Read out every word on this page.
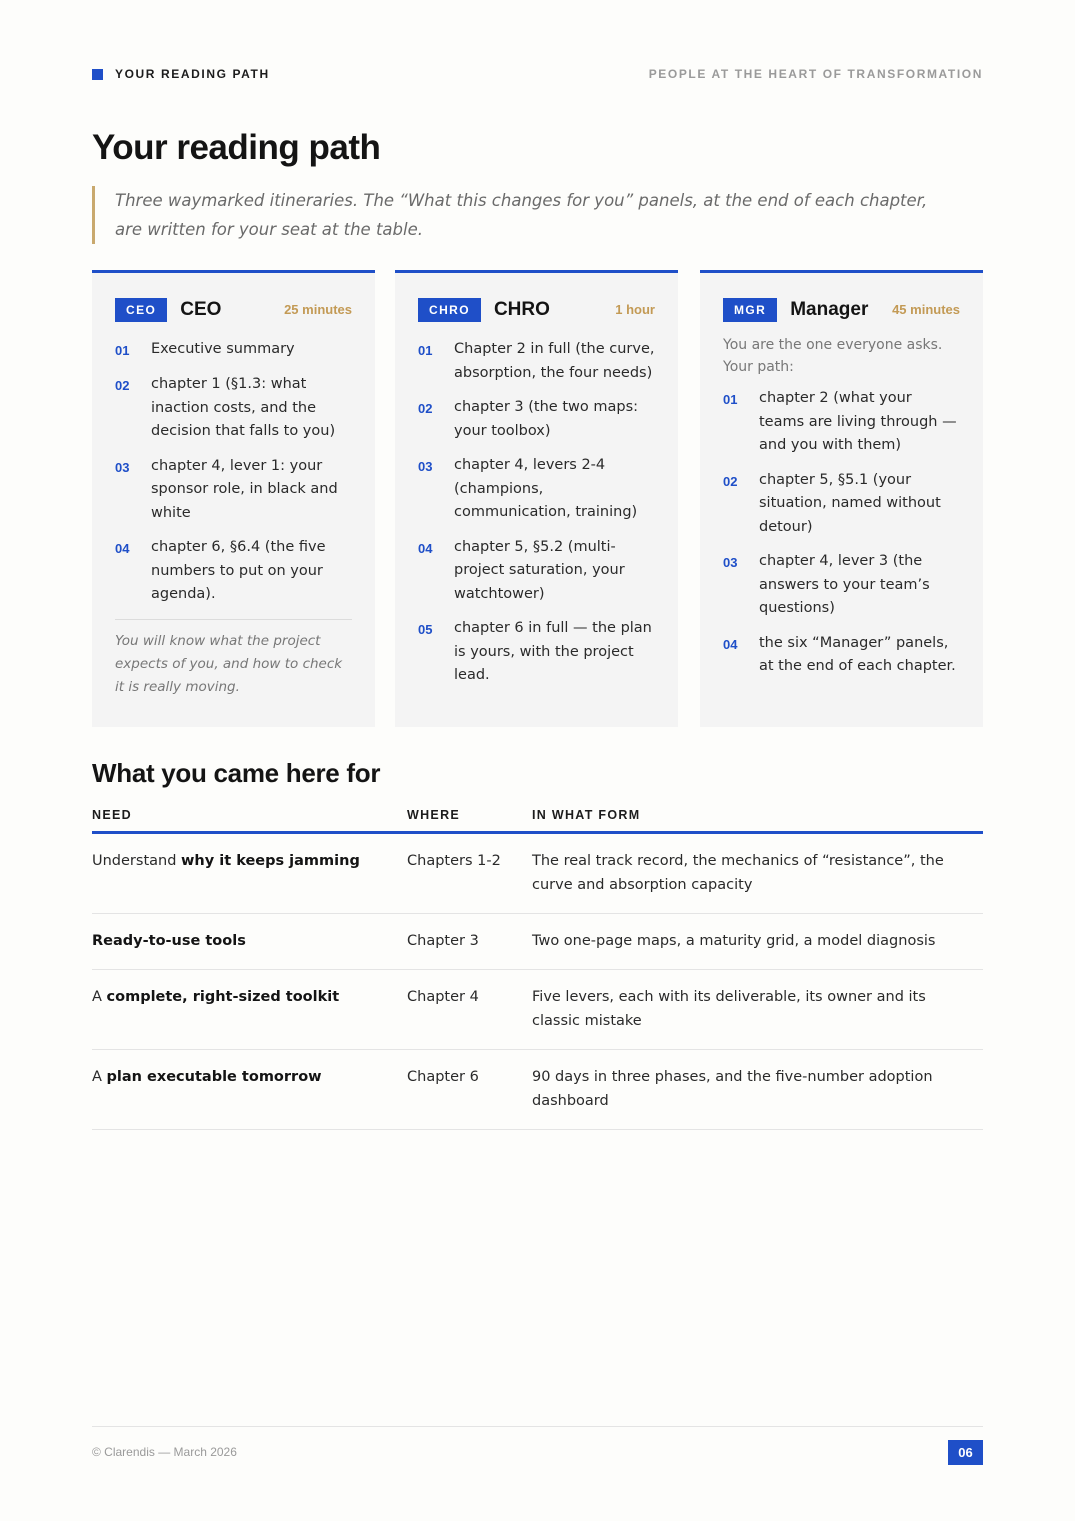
YOUR READING PATH	PEOPLE AT THE HEART OF TRANSFORMATION
Your reading path

Three waymarked itineraries. The “What this changes for you” panels, at the end of each chapter, are written for your seat at the table.

CEO	CEO	25 minutes
01	Executive summary
02	chapter 1 (§1.3: what inaction costs, and the decision that falls to you)
03	chapter 4, lever 1: your sponsor role, in black and white
04	chapter 6, §6.4 (the five numbers to put on your agenda).

You will know what the project expects of you, and how to check it is really moving.

CHRO	CHRO	1 hour
01	Chapter 2 in full (the curve, absorption, the four needs)
02	chapter 3 (the two maps: your toolbox)
03	chapter 4, levers 2-4 (champions, communication, training)
04	chapter 5, §5.2 (multi-project saturation, your watchtower)
05	chapter 6 in full — the plan is yours, with the project lead.
MGR	Manager 45 minutes

You are the one everyone asks. Your path:

01	chapter 2 (what your teams are living through — and you with them)
02	chapter 5, §5.1 (your situation, named without detour)
03	chapter 4, lever 3 (the answers to your team’s questions)
04	the six “Manager” panels, at the end of each chapter.
What you came here for
NEED	WHERE	IN WHAT FORM
Understand why it keeps jamming	Chapters 1-2	The real track record, the mechanics of “resistance”, the curve and absorption capacity
Ready-to-use tools	Chapter 3	Two one-page maps, a maturity grid, a model diagnosis
A complete, right-sized toolkit	Chapter 4	Five levers, each with its deliverable, its owner and its classic mistake
A plan executable tomorrow	Chapter 6	90 days in three phases, and the five-number adoption dashboard
© Clarendis — March 2026	06
